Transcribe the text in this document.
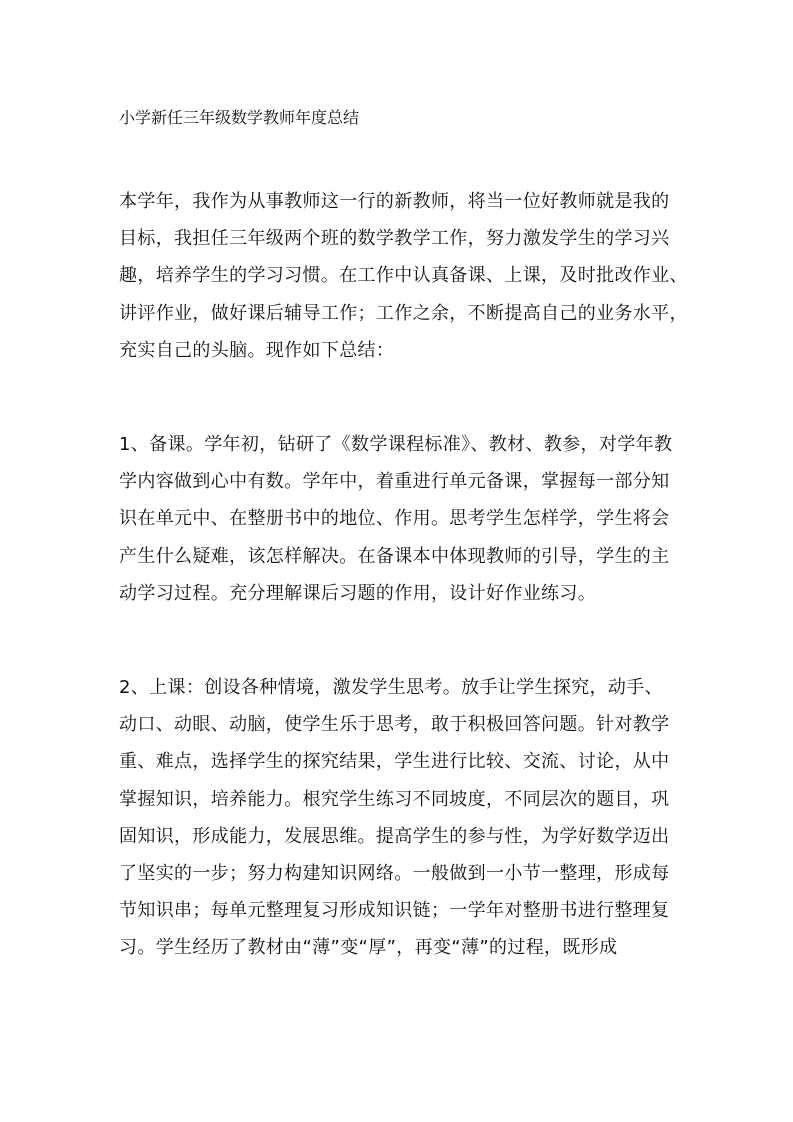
小学新任三年级数学教师年度总结
本学年，我作为从事教师这一行的新教师，将当一位好教师就是我的
目标，我担任三年级两个班的数学教学工作，努力激发学生的学习兴
趣，培养学生的学习习惯。在工作中认真备课、上课，及时批改作业、
讲评作业，做好课后辅导工作；工作之余，不断提高自己的业务水平，
充实自己的头脑。现作如下总结：
1、备课。学年初，钻研了《数学课程标准》、教材、教参，对学年教
学内容做到心中有数。学年中，着重进行单元备课，掌握每一部分知
识在单元中、在整册书中的地位、作用。思考学生怎样学，学生将会
产生什么疑难，该怎样解决。在备课本中体现教师的引导，学生的主
动学习过程。充分理解课后习题的作用，设计好作业练习。
2、上课：创设各种情境，激发学生思考。放手让学生探究，动手、
动口、动眼、动脑，使学生乐于思考，敢于积极回答问题。针对教学
重、难点，选择学生的探究结果，学生进行比较、交流、讨论，从中
掌握知识，培养能力。根究学生练习不同坡度，不同层次的题目，巩
固知识，形成能力，发展思维。提高学生的参与性，为学好数学迈出
了坚实的一步；努力构建知识网络。一般做到一小节一整理，形成每
节知识串；每单元整理复习形成知识链；一学年对整册书进行整理复
习。学生经历了教材由“薄”变“厚”，再变“薄”的过程，既形成
